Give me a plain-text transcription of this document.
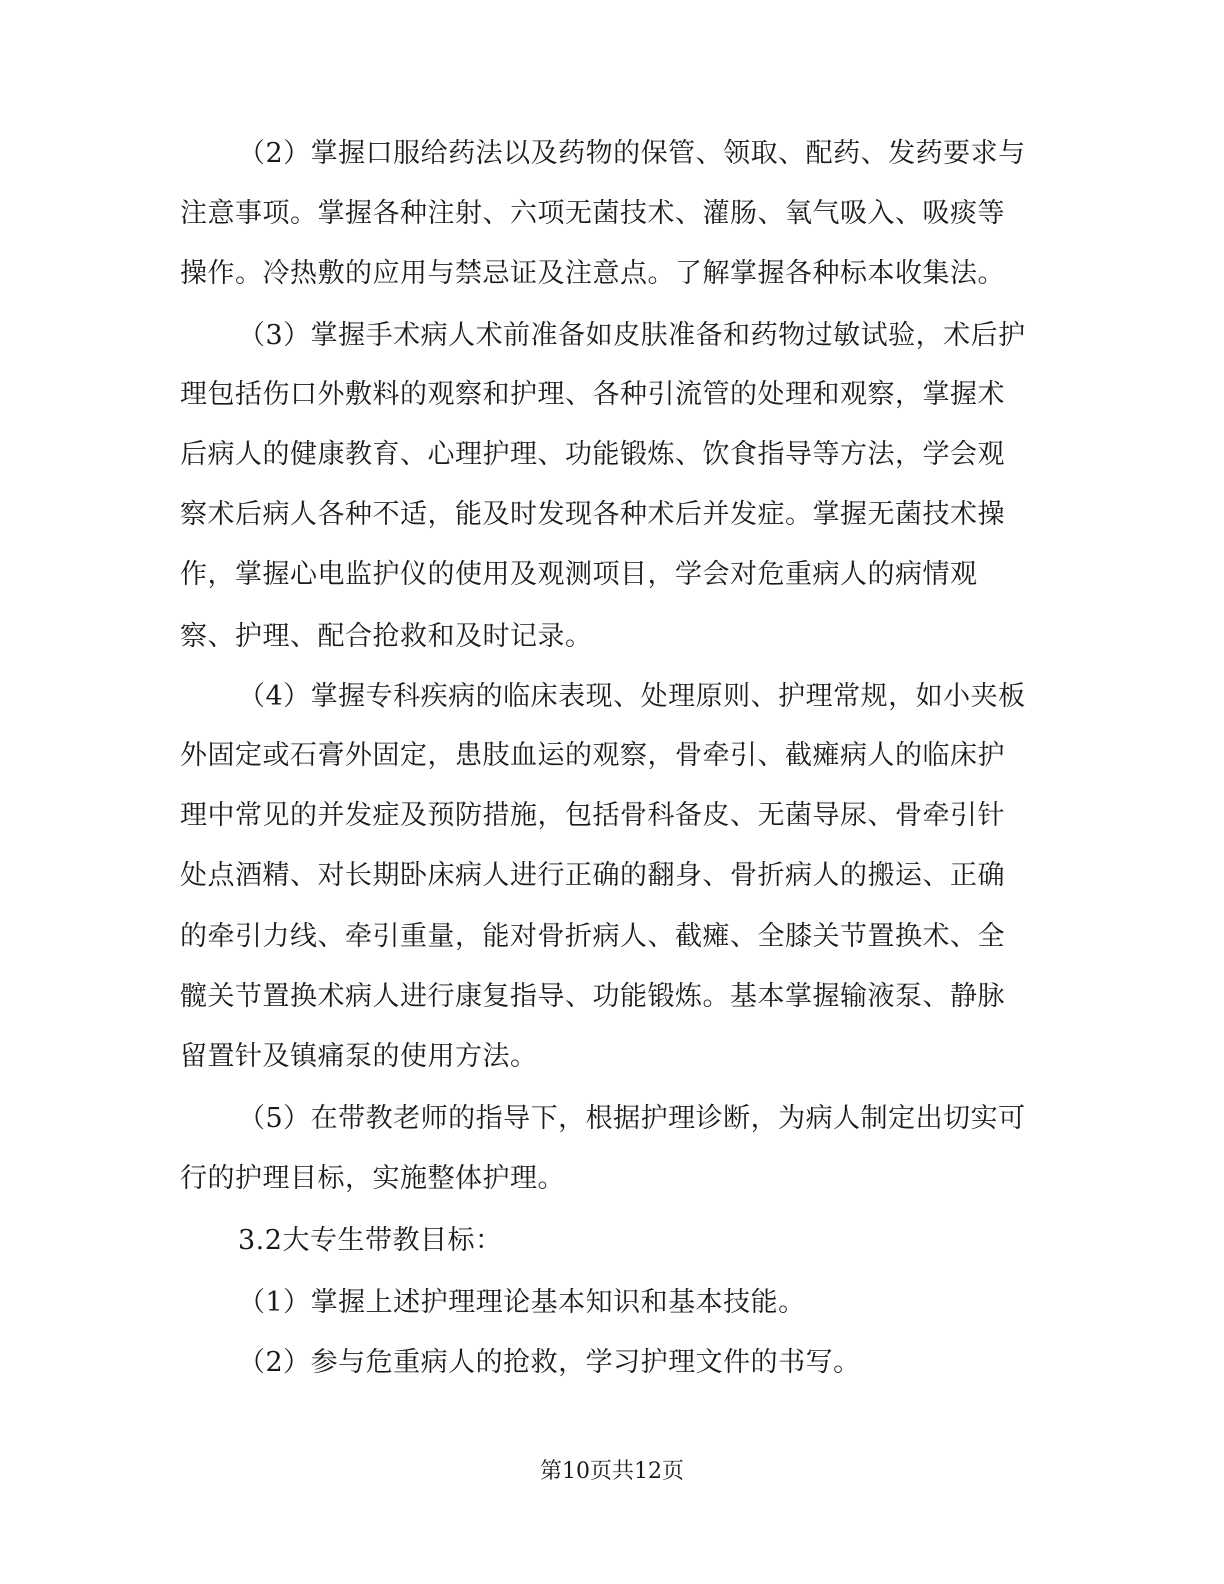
（2）掌握口服给药法以及药物的保管、领取、配药、发药要求与
注意事项。掌握各种注射、六项无菌技术、灌肠、氧气吸入、吸痰等
操作。冷热敷的应用与禁忌证及注意点。了解掌握各种标本收集法。
（3）掌握手术病人术前准备如皮肤准备和药物过敏试验，术后护
理包括伤口外敷料的观察和护理、各种引流管的处理和观察，掌握术
后病人的健康教育、心理护理、功能锻炼、饮食指导等方法，学会观
察术后病人各种不适，能及时发现各种术后并发症。掌握无菌技术操
作，掌握心电监护仪的使用及观测项目，学会对危重病人的病情观
察、护理、配合抢救和及时记录。
（4）掌握专科疾病的临床表现、处理原则、护理常规，如小夹板
外固定或石膏外固定，患肢血运的观察，骨牵引、截瘫病人的临床护
理中常见的并发症及预防措施，包括骨科备皮、无菌导尿、骨牵引针
处点酒精、对长期卧床病人进行正确的翻身、骨折病人的搬运、正确
的牵引力线、牵引重量，能对骨折病人、截瘫、全膝关节置换术、全
髋关节置换术病人进行康复指导、功能锻炼。基本掌握输液泵、静脉
留置针及镇痛泵的使用方法。
（5）在带教老师的指导下，根据护理诊断，为病人制定出切实可
行的护理目标，实施整体护理。
3.2大专生带教目标：
（1）掌握上述护理理论基本知识和基本技能。
（2）参与危重病人的抢救，学习护理文件的书写。
第10页共12页
